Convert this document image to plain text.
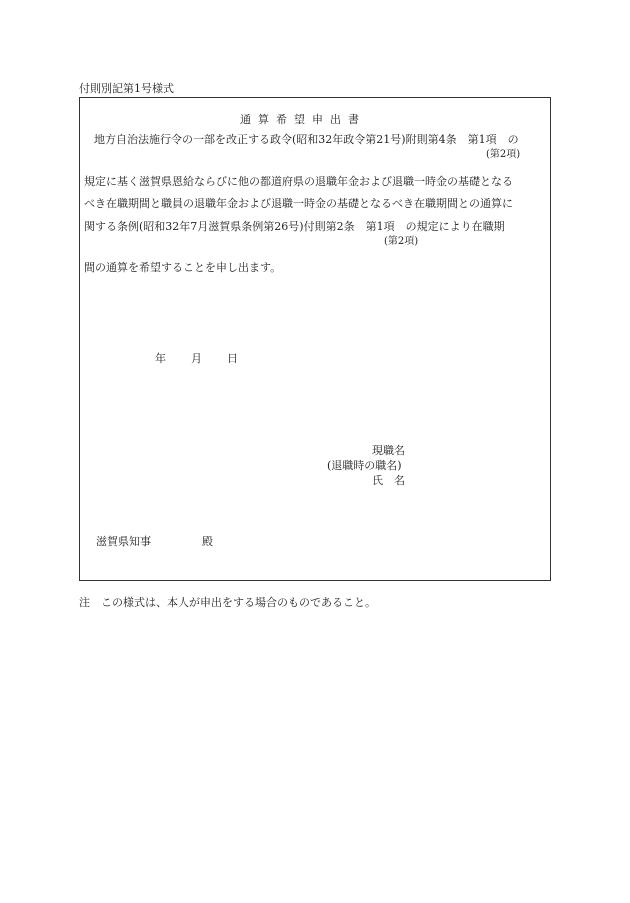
付則別記第1号様式
通算希望申出書
地方自治法施行令の一部を改正する政令(昭和32年政令第21号)附則第4条　第1項　の
(第2項)
規定に基く滋賀県恩給ならびに他の都道府県の退職年金および退職一時金の基礎となる
べき在職期間と職員の退職年金および退職一時金の基礎となるべき在職期間との通算に
関する条例(昭和32年7月滋賀県条例第26号)付則第2条　第1項　の規定により在職期
(第2項)
間の通算を希望することを申し出ます。
年 月 日
現職名
(退職時の職名)
氏　名
滋賀県知事	殿
注　この様式は、本人が申出をする場合のものであること。
